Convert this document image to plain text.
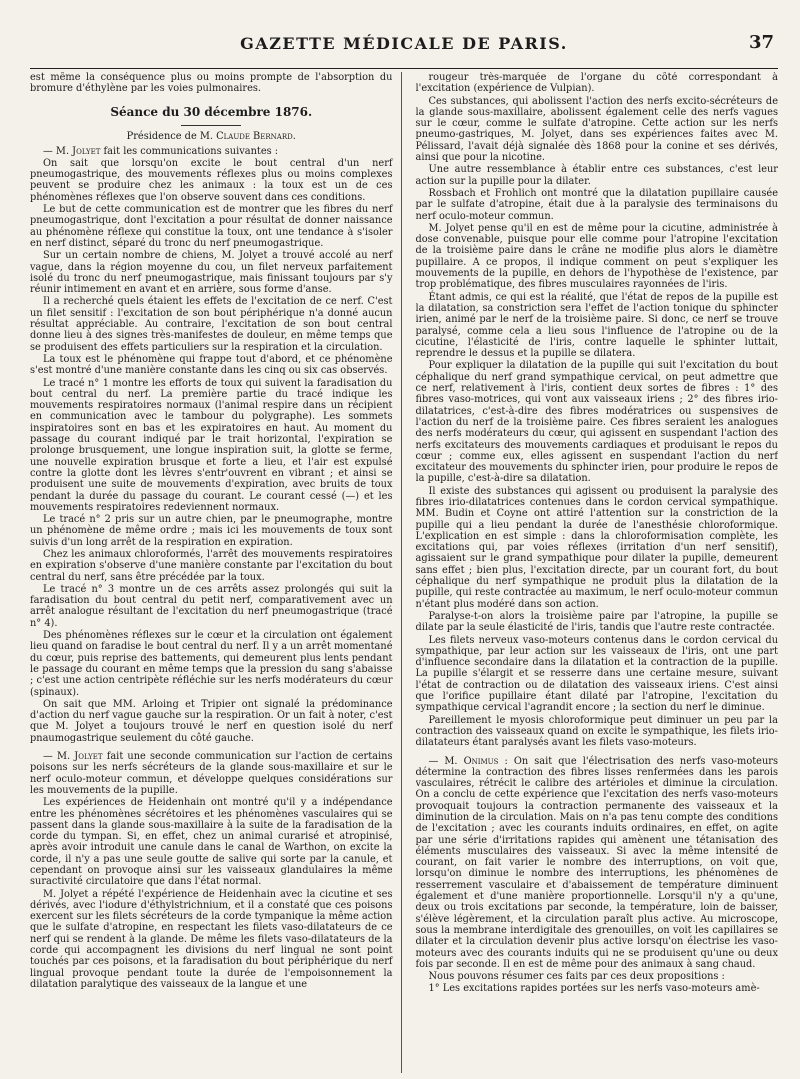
GAZETTE MÉDICALE DE PARIS.	37

est même la conséquence plus ou moins prompte de l'absorption du bromure d'éthylène par les voies pulmonaires.

Séance du 30 décembre 1876.
Présidence de M. Claude Bernard.

— M. Jolyet fait les communications suivantes :

On sait que lorsqu'on excite le bout central d'un nerf pneumogastrique, des mouvements réflexes plus ou moins complexes peuvent se produire chez les animaux : la toux est un de ces phénomènes réflexes que l'on observe souvent dans ces conditions.

Le but de cette communication est de montrer que les fibres du nerf pneumogastrique, dont l'excitation a pour résultat de donner naissance au phénomène réflexe qui constitue la toux, ont une tendance à s'isoler en nerf distinct, séparé du tronc du nerf pneumogastrique.

Sur un certain nombre de chiens, M. Jolyet a trouvé accolé au nerf vague, dans la région moyenne du cou, un filet nerveux parfaitement isolé du tronc du nerf pneumogastrique, mais finissant toujours par s'y réunir intimement en avant et en arrière, sous forme d'anse.

Il a recherché quels étaient les effets de l'excitation de ce nerf. C'est un filet sensitif : l'excitation de son bout périphérique n'a donné aucun résultat appréciable. Au contraire, l'excitation de son bout central donne lieu à des signes très-manifestes de douleur, en même temps que se produisent des effets particuliers sur la respiration et la circulation.

La toux est le phénomène qui frappe tout d'abord, et ce phénomène s'est montré d'une manière constante dans les cinq ou six cas observés.

Le tracé n° 1 montre les efforts de toux qui suivent la faradisation du bout central du nerf. La première partie du tracé indique les mouvements respiratoires normaux (l'animal respire dans un récipient en communication avec le tambour du polygraphe). Les sommets inspiratoires sont en bas et les expiratoires en haut. Au moment du passage du courant indiqué par le trait horizontal, l'expiration se prolonge brusquement, une longue inspiration suit, la glotte se ferme, une nouvelle expiration brusque et forte a lieu, et l'air est expulsé contre la glotte dont les lèvres s'entr'ouvrent en vibrant ; et ainsi se produisent une suite de mouvements d'expiration, avec bruits de toux pendant la durée du passage du courant. Le courant cessé (—) et les mouvements respiratoires redeviennent normaux.

Le tracé n° 2 pris sur un autre chien, par le pneumographe, montre un phénomène de même ordre ; mais ici les mouvements de toux sont suivis d'un long arrêt de la respiration en expiration.

Chez les animaux chloroformés, l'arrêt des mouvements respiratoires en expiration s'observe d'une manière constante par l'excitation du bout central du nerf, sans être précédée par la toux.

Le tracé n° 3 montre un de ces arrêts assez prolongés qui suit la faradisation du bout central du petit nerf, comparativement avec un arrêt analogue résultant de l'excitation du nerf pneumogastrique (tracé n° 4).

Des phénomènes réflexes sur le cœur et la circulation ont également lieu quand on faradise le bout central du nerf. Il y a un arrêt momentané du cœur, puis reprise des battements, qui demeurent plus lents pendant le passage du courant en même temps que la pression du sang s'abaisse ; c'est une action centripète réfléchie sur les nerfs modérateurs du cœur (spinaux).

On sait que MM. Arloing et Tripier ont signalé la prédominance d'action du nerf vague gauche sur la respiration. Or un fait à noter, c'est que M. Jolyet a toujours trouvé le nerf en question isolé du nerf pnaumogastrique seulement du côté gauche.

— M. Jolyet fait une seconde communication sur l'action de certains poisons sur les nerfs sécréteurs de la glande sous-maxillaire et sur le nerf oculo-moteur commun, et développe quelques considérations sur les mouvements de la pupille.

Les expériences de Heidenhain ont montré qu'il y a indépendance entre les phénomènes sécrétoires et les phénomènes vasculaires qui se passent dans la glande sous-maxillaire à la suite de la faradisation de la corde du tympan. Si, en effet, chez un animal curarisé et atropinisé, après avoir introduit une canule dans le canal de Warthon, on excite la corde, il n'y a pas une seule goutte de salive qui sorte par la canule, et cependant on provoque ainsi sur les vaisseaux glandulaires la même suractivité circulatoire que dans l'état normal.

M. Jolyet a répété l'expérience de Heidenhain avec la cicutine et ses dérivés, avec l'iodure d'éthylstrichnium, et il a constaté que ces poisons exercent sur les filets sécréteurs de la corde tympanique la même action que le sulfate d'atropine, en respectant les filets vaso-dilatateurs de ce nerf qui se rendent à la glande. De même les filets vaso-dilatateurs de la corde qui accompagnent les divisions du nerf lingual ne sont point touchés par ces poisons, et la faradisation du bout périphérique du nerf lingual provoque pendant toute la durée de l'empoisonnement la dilatation paralytique des vaisseaux de la langue et une

rougeur très-marquée de l'organe du côté correspondant à l'excitation (expérience de Vulpian).

Ces substances, qui abolissent l'action des nerfs excito-sécréteurs de la glande sous-maxillaire, abolissent également celle des nerfs vagues sur le cœur, comme le sulfate d'atropine. Cette action sur les nerfs pneumo-gastriques, M. Jolyet, dans ses expériences faites avec M. Pélissard, l'avait déjà signalée dès 1868 pour la conine et ses dérivés, ainsi que pour la nicotine.

Une autre ressemblance à établir entre ces substances, c'est leur action sur la pupille pour la dilater.

Rossbach et Frohlich ont montré que la dilatation pupillaire causée par le sulfate d'atropine, était due à la paralysie des terminaisons du nerf oculo-moteur commun.

M. Jolyet pense qu'il en est de même pour la cicutine, administrée à dose convenable, puisque pour elle comme pour l'atropine l'excitation de la troisième paire dans le crâne ne modifie plus alors le diamètre pupillaire. A ce propos, il indique comment on peut s'expliquer les mouvements de la pupille, en dehors de l'hypothèse de l'existence, par trop problématique, des fibres musculaires rayonnées de l'iris.

Étant admis, ce qui est la réalité, que l'état de repos de la pupille est la dilatation, sa constriction sera l'effet de l'action tonique du sphincter irien, animé par le nerf de la troisième paire. Si donc, ce nerf se trouve paralysé, comme cela a lieu sous l'influence de l'atropine ou de la cicutine, l'élasticité de l'iris, contre laquelle le sphinter luttait, reprendre le dessus et la pupille se dilatera.

Pour expliquer la dilatation de la pupille qui suit l'excitation du bout céphalique du nerf grand sympathique cervical, on peut admettre que ce nerf, relativement à l'iris, contient deux sortes de fibres : 1° des fibres vaso-motrices, qui vont aux vaisseaux iriens ; 2° des fibres irio-dilatatrices, c'est-à-dire des fibres modératrices ou suspensives de l'action du nerf de la troisième paire. Ces fibres seraient les analogues des nerfs modérateurs du cœur, qui agissent en suspendant l'action des nerfs excitateurs des mouvements cardiaques et produisant le repos du cœur ; comme eux, elles agissent en suspendant l'action du nerf excitateur des mouvements du sphincter irien, pour produire le repos de la pupille, c'est-à-dire sa dilatation.

Il existe des substances qui agissent ou produisent la paralysie des fibres irio-dilatatrices contenues dans le cordon cervical sympathique. MM. Budin et Coyne ont attiré l'attention sur la constriction de la pupille qui a lieu pendant la durée de l'anesthésie chloroformique. L'explication en est simple : dans la chloroformisation complète, les excitations qui, par voies réflexes (irritation d'un nerf sensitif), agissaient sur le grand sympathique pour dilater la pupille, demeurent sans effet ; bien plus, l'excitation directe, par un courant fort, du bout céphalique du nerf sympathique ne produit plus la dilatation de la pupille, qui reste contractée au maximum, le nerf oculo-moteur commun n'étant plus modéré dans son action.

Paralyse-t-on alors la troisième paire par l'atropine, la pupille se dilate par la seule élasticité de l'iris, tandis que l'autre reste contractée.

Les filets nerveux vaso-moteurs contenus dans le cordon cervical du sympathique, par leur action sur les vaisseaux de l'iris, ont une part d'influence secondaire dans la dilatation et la contraction de la pupille. La pupille s'élargit et se resserre dans une certaine mesure, suivant l'état de contraction ou de dilatation des vaisseaux iriens. C'est ainsi que l'orifice pupillaire étant dilaté par l'atropine, l'excitation du sympathique cervical l'agrandit encore ; la section du nerf le diminue.

Pareillement le myosis chloroformique peut diminuer un peu par la contraction des vaisseaux quand on excite le sympathique, les filets irio-dilatateurs étant paralysés avant les filets vaso-moteurs.

— M. Onimus : On sait que l'électrisation des nerfs vaso-moteurs détermine la contraction des fibres lisses renfermées dans les parois vasculaires, rétrécit le calibre des artérioles et diminue la circulation. On a conclu de cette expérience que l'excitation des nerfs vaso-moteurs provoquait toujours la contraction permanente des vaisseaux et la diminution de la circulation. Mais on n'a pas tenu compte des conditions de l'excitation ; avec les courants induits ordinaires, en effet, on agite par une série d'irritations rapides qui amènent une tétanisation des éléments musculaires des vaisseaux. Si avec la même intensité de courant, on fait varier le nombre des interruptions, on voit que, lorsqu'on diminue le nombre des interruptions, les phénomènes de resserrement vasculaire et d'abaissement de température diminuent également et d'une manière proportionnelle. Lorsqu'il n'y a qu'une, deux ou trois excitations par seconde, la température, loin de baisser, s'élève légèrement, et la circulation paraît plus active. Au microscope, sous la membrane interdigitale des grenouilles, on voit les capillaires se dilater et la circulation devenir plus active lorsqu'on électrise les vaso-moteurs avec des courants induits qui ne se produisent qu'une ou deux fois par seconde. Il en est de même pour des animaux à sang chaud.

Nous pouvons résumer ces faits par ces deux propositions :

1° Les excitations rapides portées sur les nerfs vaso-moteurs amè-
